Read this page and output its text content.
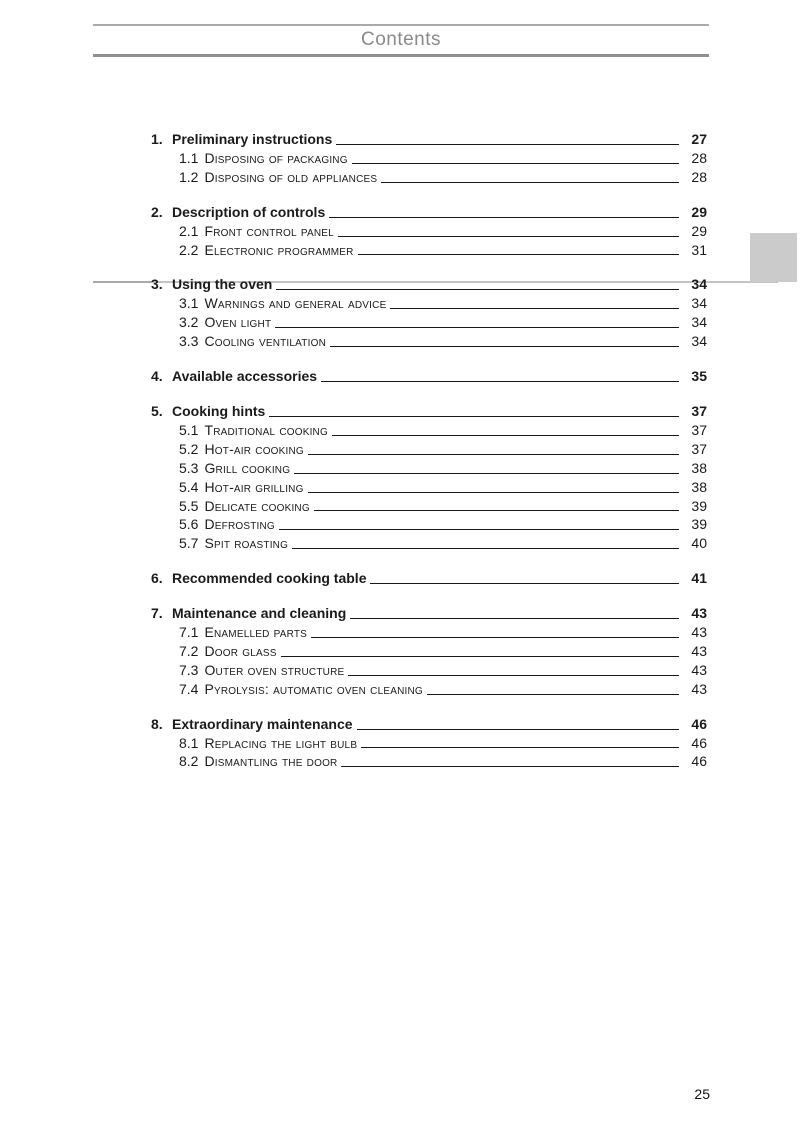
Contents
1. Preliminary instructions	27
1.1 Disposing of packaging	28
1.2 Disposing of old appliances	28
2. Description of controls	29
2.1 Front control panel	29
2.2 Electronic programmer	31
3. Using the oven	34
3.1 Warnings and general advice	34
3.2 Oven light	34
3.3 Cooling ventilation	34
4. Available accessories	35
5. Cooking hints	37
5.1 Traditional cooking	37
5.2 Hot-air cooking	37
5.3 Grill cooking	38
5.4 Hot-air grilling	38
5.5 Delicate cooking	39
5.6 Defrosting	39
5.7 Spit roasting	40
6. Recommended cooking table	41
7. Maintenance and cleaning	43
7.1 Enamelled parts	43
7.2 Door glass	43
7.3 Outer oven structure	43
7.4 Pyrolysis: automatic oven cleaning	43
8. Extraordinary maintenance	46
8.1 Replacing the light bulb	46
8.2 Dismantling the door	46
25
